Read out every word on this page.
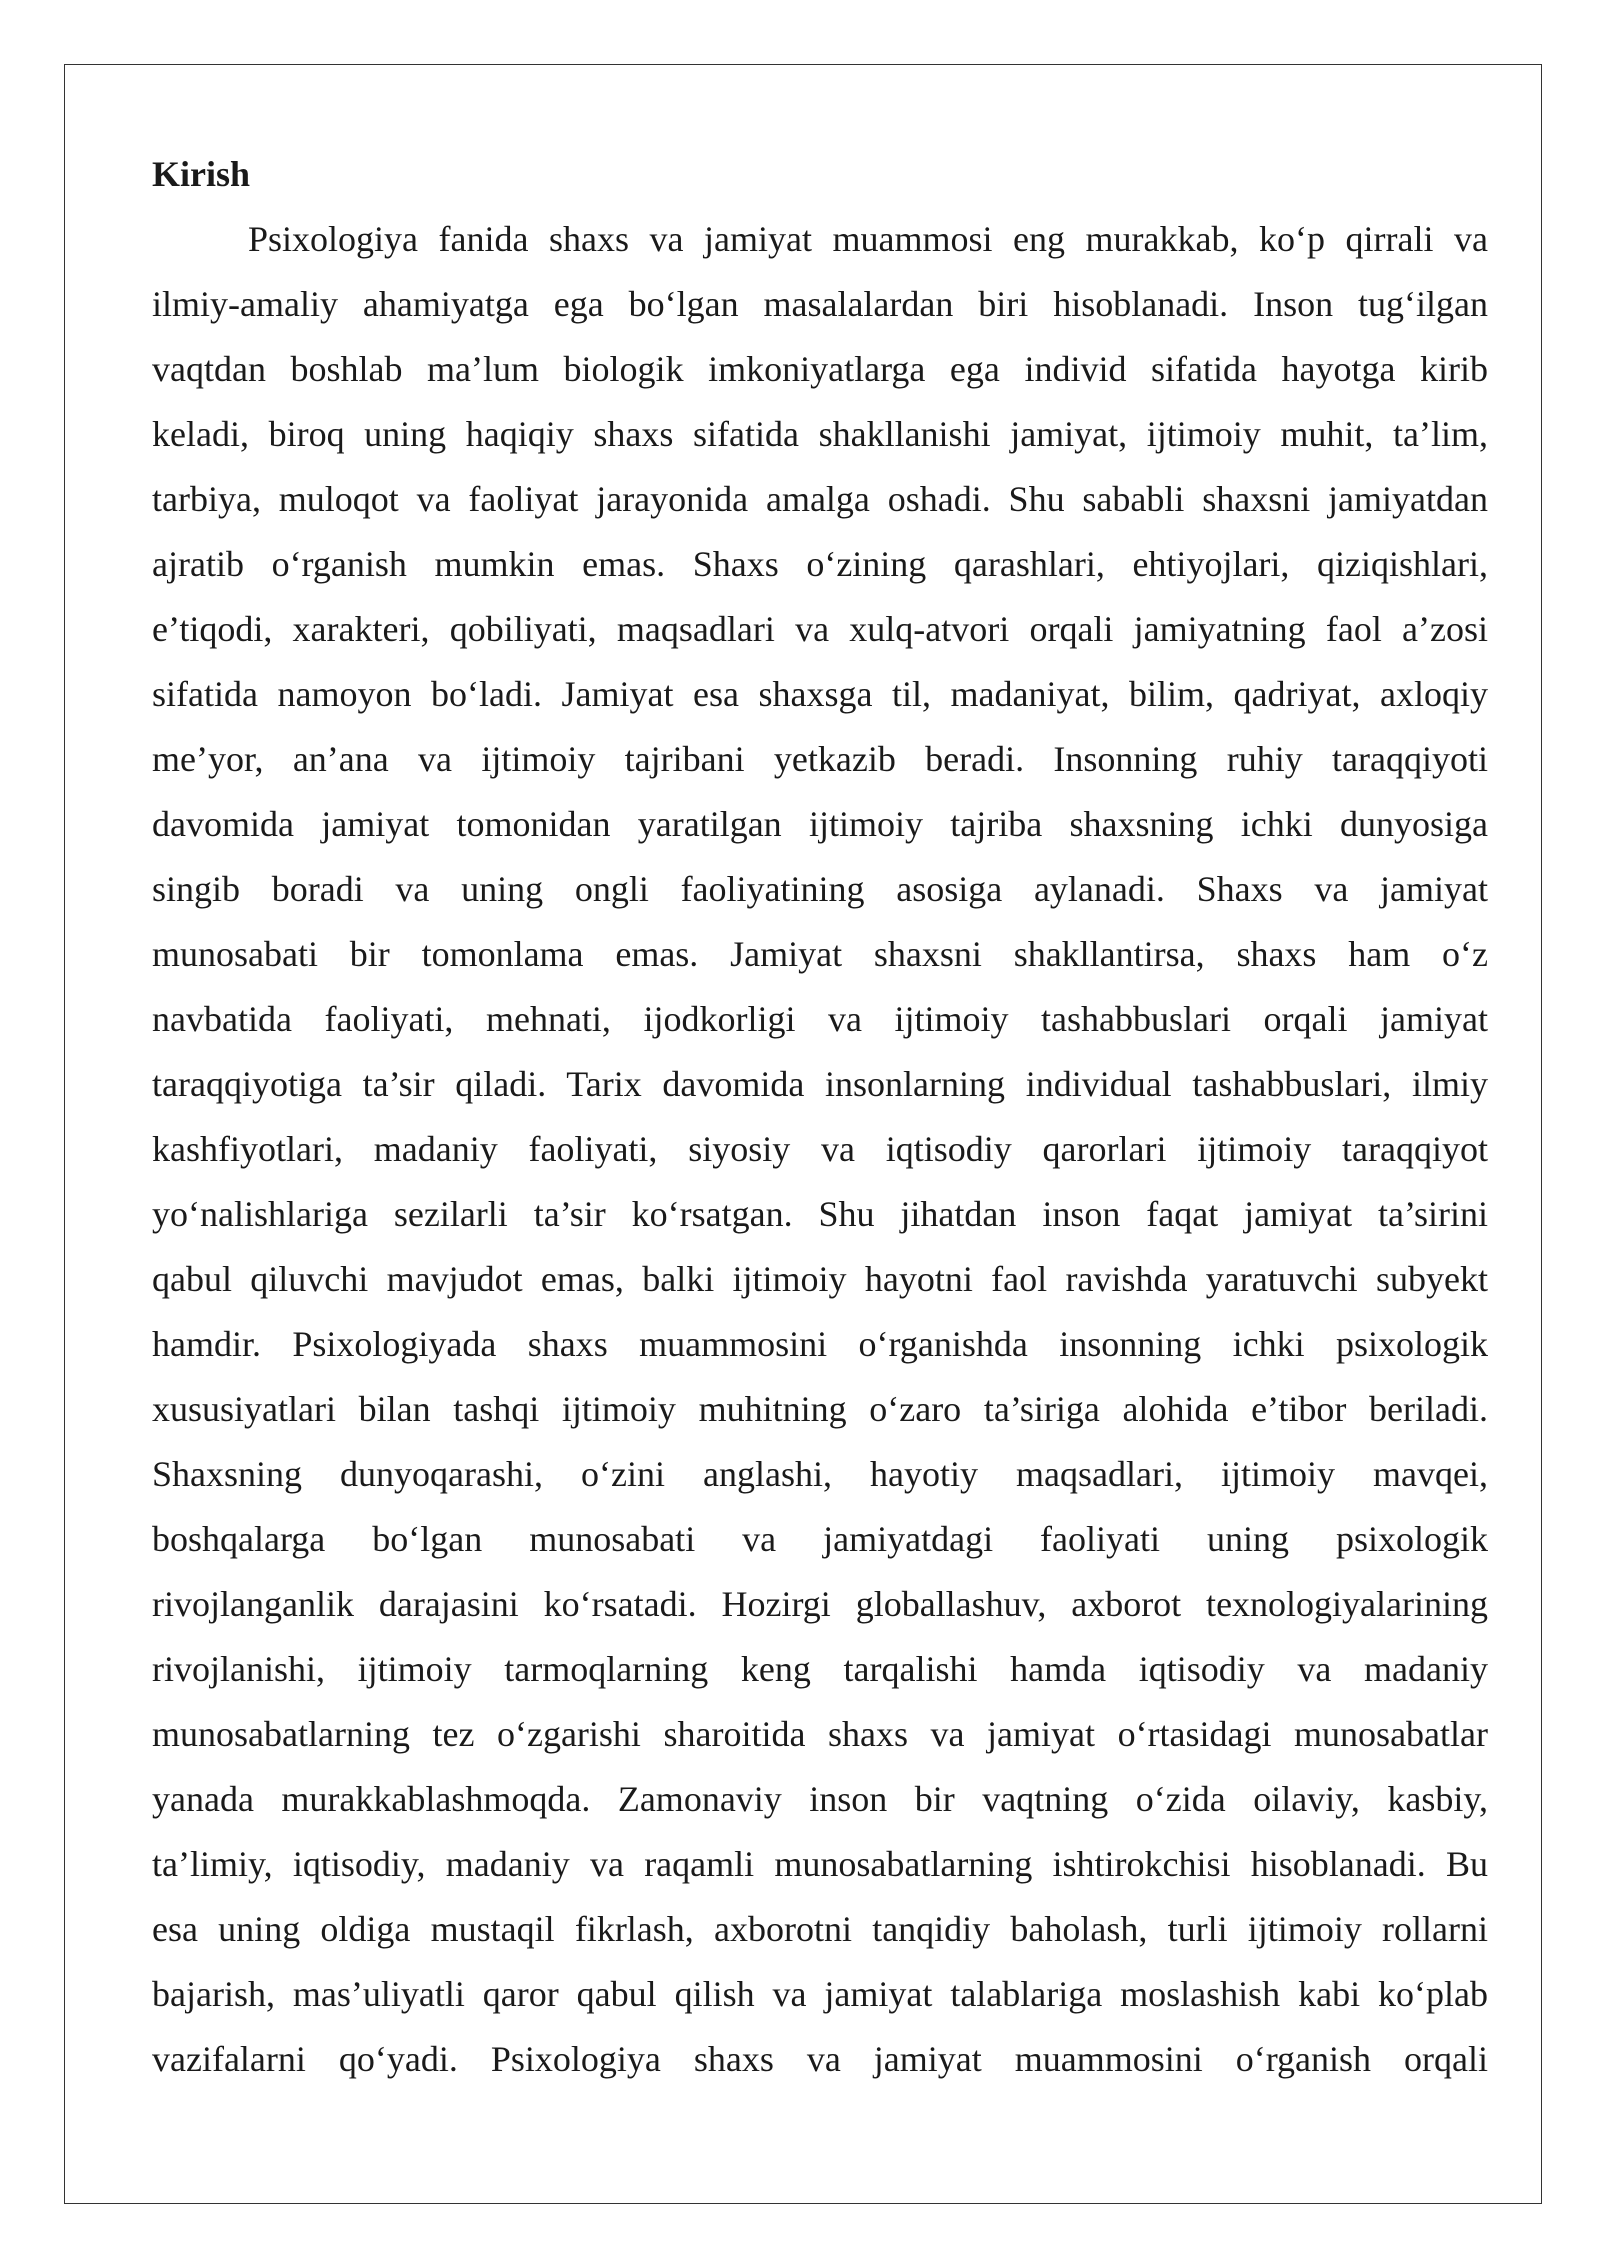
Kirish
Psixologiya fanida shaxs va jamiyat muammosi eng murakkab, ko‘p qirrali va
ilmiy-amaliy ahamiyatga ega bo‘lgan masalalardan biri hisoblanadi. Inson tug‘ilgan
vaqtdan boshlab ma’lum biologik imkoniyatlarga ega individ sifatida hayotga kirib
keladi, biroq uning haqiqiy shaxs sifatida shakllanishi jamiyat, ijtimoiy muhit, ta’lim,
tarbiya, muloqot va faoliyat jarayonida amalga oshadi. Shu sababli shaxsni jamiyatdan
ajratib o‘rganish mumkin emas. Shaxs o‘zining qarashlari, ehtiyojlari, qiziqishlari,
e’tiqodi, xarakteri, qobiliyati, maqsadlari va xulq-atvori orqali jamiyatning faol a’zosi
sifatida namoyon bo‘ladi. Jamiyat esa shaxsga til, madaniyat, bilim, qadriyat, axloqiy
me’yor, an’ana va ijtimoiy tajribani yetkazib beradi. Insonning ruhiy taraqqiyoti
davomida jamiyat tomonidan yaratilgan ijtimoiy tajriba shaxsning ichki dunyosiga
singib boradi va uning ongli faoliyatining asosiga aylanadi. Shaxs va jamiyat
munosabati bir tomonlama emas. Jamiyat shaxsni shakllantirsa, shaxs ham o‘z
navbatida faoliyati, mehnati, ijodkorligi va ijtimoiy tashabbuslari orqali jamiyat
taraqqiyotiga ta’sir qiladi. Tarix davomida insonlarning individual tashabbuslari, ilmiy
kashfiyotlari, madaniy faoliyati, siyosiy va iqtisodiy qarorlari ijtimoiy taraqqiyot
yo‘nalishlariga sezilarli ta’sir ko‘rsatgan. Shu jihatdan inson faqat jamiyat ta’sirini
qabul qiluvchi mavjudot emas, balki ijtimoiy hayotni faol ravishda yaratuvchi subyekt
hamdir. Psixologiyada shaxs muammosini o‘rganishda insonning ichki psixologik
xususiyatlari bilan tashqi ijtimoiy muhitning o‘zaro ta’siriga alohida e’tibor beriladi.
Shaxsning dunyoqarashi, o‘zini anglashi, hayotiy maqsadlari, ijtimoiy mavqei,
boshqalarga bo‘lgan munosabati va jamiyatdagi faoliyati uning psixologik
rivojlanganlik darajasini ko‘rsatadi. Hozirgi globallashuv, axborot texnologiyalarining
rivojlanishi, ijtimoiy tarmoqlarning keng tarqalishi hamda iqtisodiy va madaniy
munosabatlarning tez o‘zgarishi sharoitida shaxs va jamiyat o‘rtasidagi munosabatlar
yanada murakkablashmoqda. Zamonaviy inson bir vaqtning o‘zida oilaviy, kasbiy,
ta’limiy, iqtisodiy, madaniy va raqamli munosabatlarning ishtirokchisi hisoblanadi. Bu
esa uning oldiga mustaqil fikrlash, axborotni tanqidiy baholash, turli ijtimoiy rollarni
bajarish, mas’uliyatli qaror qabul qilish va jamiyat talablariga moslashish kabi ko‘plab
vazifalarni qo‘yadi. Psixologiya shaxs va jamiyat muammosini o‘rganish orqali
